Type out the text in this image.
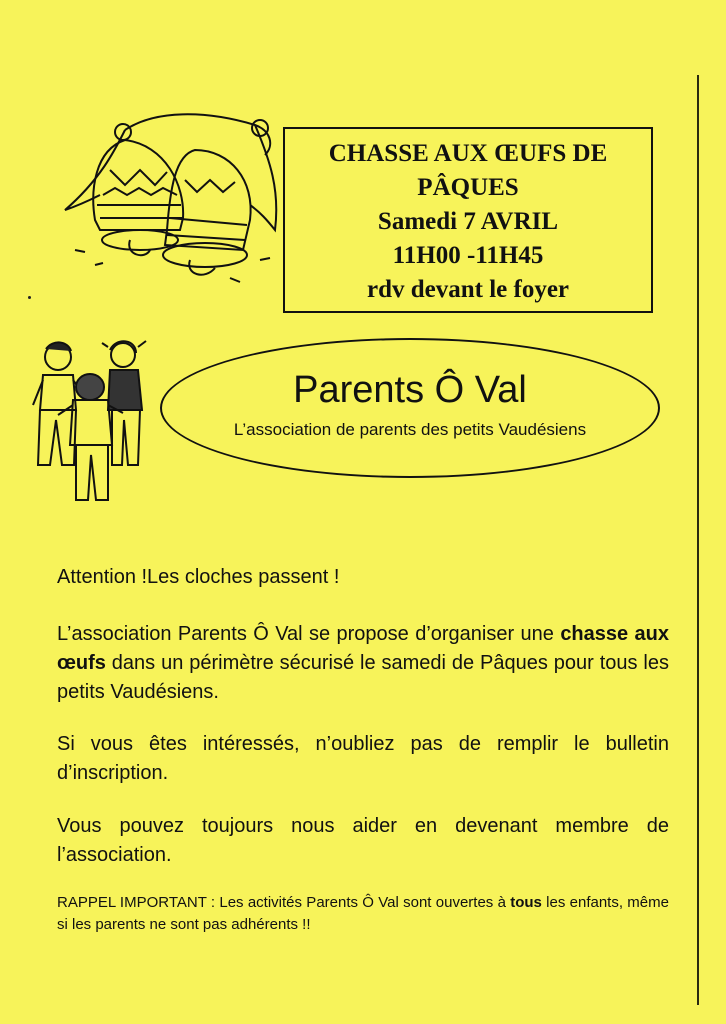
CHASSE AUX ŒUFS DE
PÂQUES
Samedi 7 AVRIL
11H00 -11H45
rdv devant le foyer
Parents Ô Val
L’association de parents des petits Vaudésiens

Attention !Les cloches passent !

L’association Parents Ô Val se propose d’organiser une chasse aux œufs dans un périmètre sécurisé le samedi de Pâques pour tous les petits Vaudésiens.

Si vous êtes intéressés, n’oubliez pas de remplir le bulletin d’inscription.

Vous pouvez toujours nous aider en devenant membre de l’association.

RAPPEL IMPORTANT : Les activités Parents Ô Val sont ouvertes à tous les enfants, même si les parents ne sont pas adhérents !!
